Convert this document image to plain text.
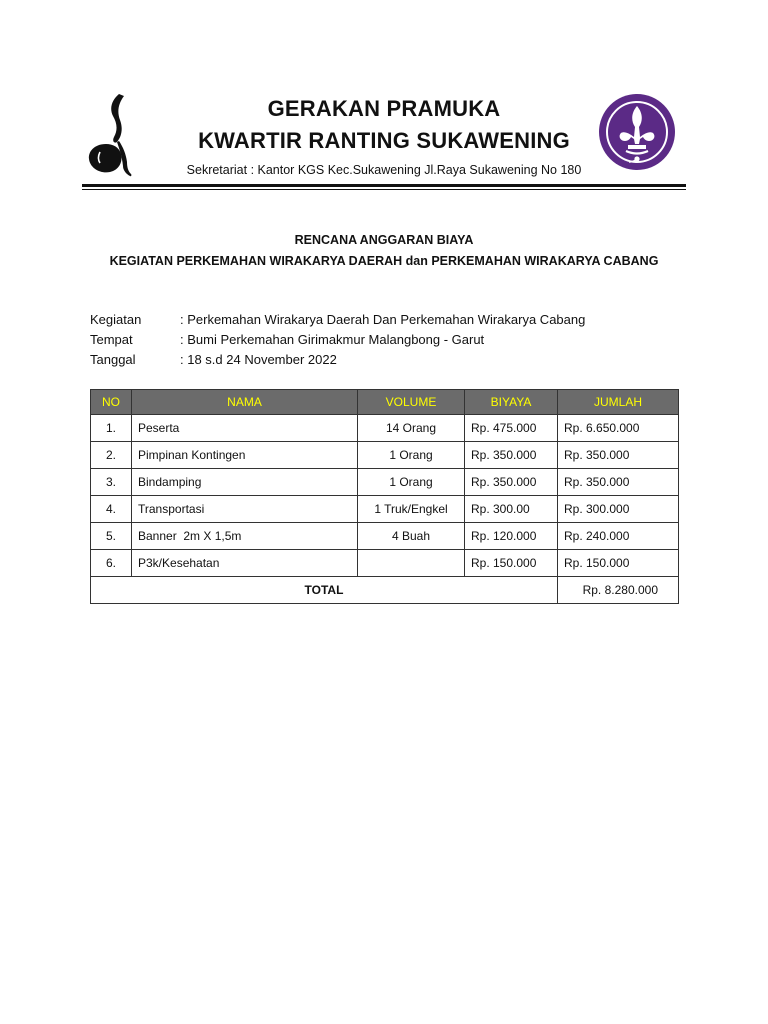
GERAKAN PRAMUKA
KWARTIR RANTING SUKAWENING
Sekretariat : Kantor KGS Kec.Sukawening Jl.Raya Sukawening No 180
RENCANA ANGGARAN BIAYA
KEGIATAN PERKEMAHAN WIRAKARYA DAERAH dan PERKEMAHAN WIRAKARYA CABANG
Kegiatan	: Perkemahan Wirakarya Daerah Dan Perkemahan Wirakarya Cabang
Tempat	: Bumi Perkemahan Girimakmur Malangbong - Garut
Tanggal	: 18 s.d 24 November 2022
NO	NAMA	VOLUME	BIYAYA	JUMLAH
1.	Peserta	14 Orang	Rp. 475.000	Rp. 6.650.000
2.	Pimpinan Kontingen	1 Orang	Rp. 350.000	Rp. 350.000
3.	Bindamping	1 Orang	Rp. 350.000	Rp. 350.000
4.	Transportasi	1 Truk/Engkel	Rp. 300.00	Rp. 300.000
5.	Banner  2m X 1,5m	4 Buah	Rp. 120.000	Rp. 240.000
6.	P3k/Kesehatan		Rp. 150.000	Rp. 150.000
TOTAL				Rp. 8.280.000
